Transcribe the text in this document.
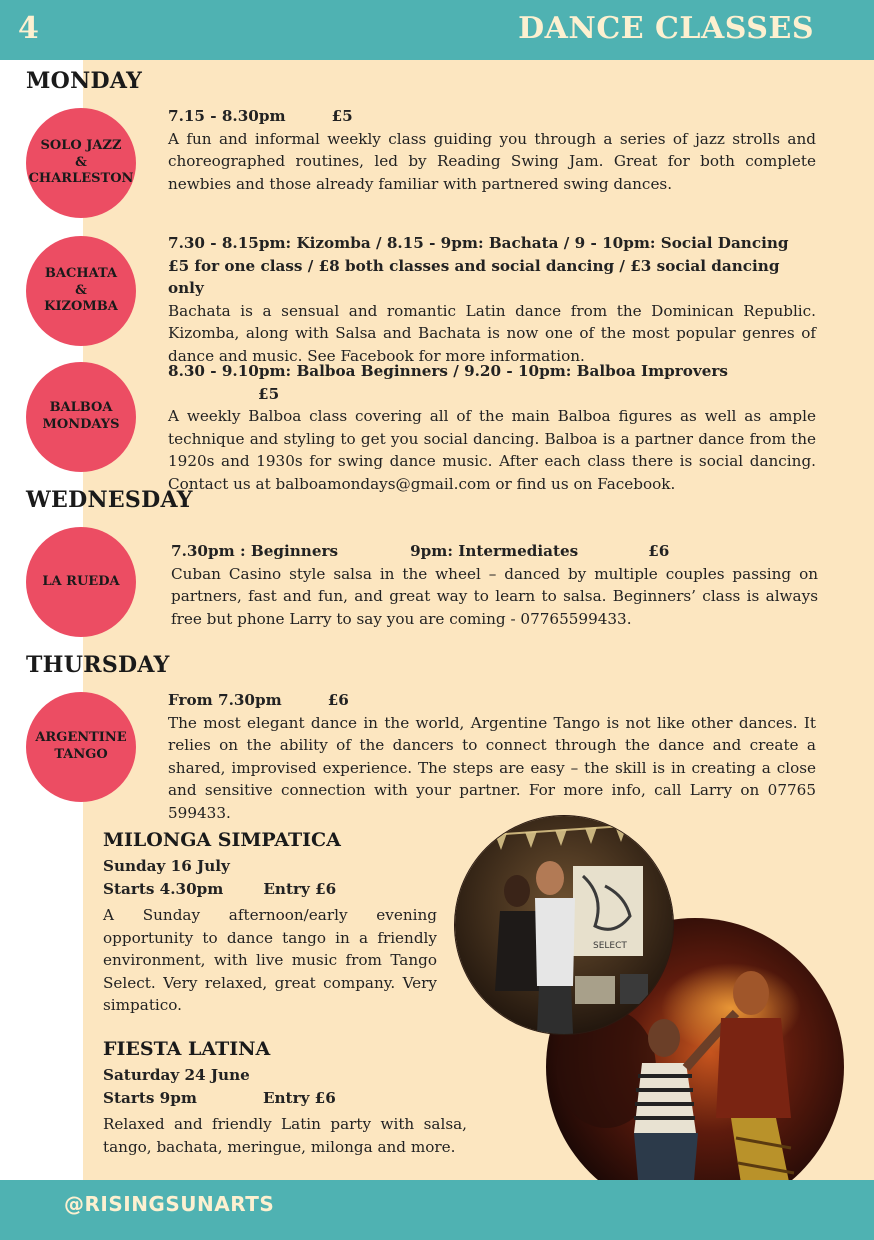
4	DANCE CLASSES
MONDAY
SOLO JAZZ
&
CHARLESTON
7.15 - 8.30pm	£5

A fun and informal weekly class guiding you through a series of jazz strolls and choreographed routines, led by Reading Swing Jam. Great for both complete newbies and those already familiar with partnered swing dances.

BACHATA
&
KIZOMBA
7.30 - 8.15pm: Kizomba / 8.15 - 9pm: Bachata / 9 - 10pm: Social Dancing
£5 for one class / £8 both classes and social dancing / £3 social dancing only

Bachata is a sensual and romantic Latin dance from the Dominican Republic. Kizomba, along with Salsa and Bachata is now one of the most popular genres of dance and music. See Facebook for more information.

BALBOA
MONDAYS
8.30 - 9.10pm: Balboa Beginners / 9.20 - 10pm: Balboa Improvers£5

A weekly Balboa class covering all of the main Balboa figures as well as ample technique and styling to get you social dancing. Balboa is a partner dance from the 1920s and 1930s for swing dance music. After each class there is social dancing. Contact us at balboamondays@gmail.com or find us on Facebook.

WEDNESDAY
LA RUEDA
7.30pm : Beginners	9pm: Intermediates	£6

Cuban Casino style salsa in the wheel – danced by multiple couples passing on partners, fast and fun, and great way to learn to salsa. Beginners’ class is always free but phone Larry to say you are coming - 07765599433.

THURSDAY
ARGENTINE
TANGO
From 7.30pm	£6

The most elegant dance in the world, Argentine Tango is not like other dances. It relies on the ability of the dancers to connect through the dance and create a shared, improvised experience. The steps are easy – the skill is in creating a close and sensitive connection with your partner. For more info, call Larry on 07765 599433.

MILONGA SIMPATICA
Sunday 16 July
Starts 4.30pm	Entry £6

A Sunday afternoon/early evening opportunity to dance tango in a friendly environment, with live music from Tango Select. Very relaxed, great company. Very simpatico.

FIESTA LATINA
Saturday 24 June
Starts 9pm	Entry £6

Relaxed and friendly Latin party with salsa, tango, bachata, meringue, milonga and more.

SELECT
@RISINGSUNARTS
